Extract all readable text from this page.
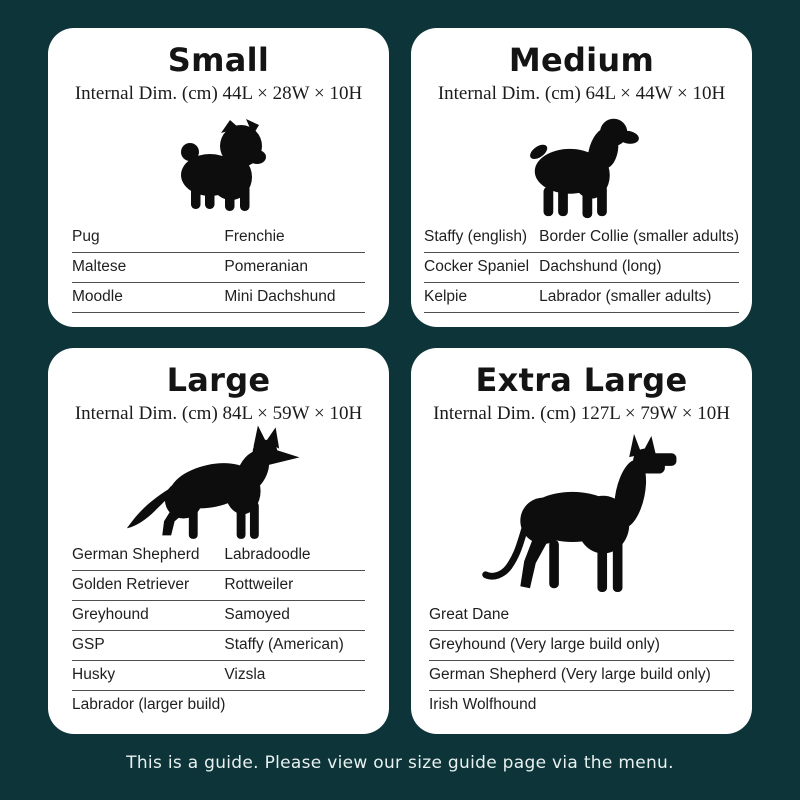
Small

Internal Dim. (cm) 44L × 28W × 10H

Pug	Frenchie
Maltese	Pomeranian
Moodle	Mini Dachshund
Medium

Internal Dim. (cm) 64L × 44W × 10H

Staffy (english)	Border Collie (smaller adults)
Cocker Spaniel	Dachshund (long)
Kelpie	Labrador (smaller adults)
Large

Internal Dim. (cm) 84L × 59W × 10H

German Shepherd	Labradoodle
Golden Retriever	Rottweiler
Greyhound	Samoyed
GSP	Staffy (American)
Husky	Vizsla
Labrador (larger build)	
Extra Large

Internal Dim. (cm) 127L × 79W × 10H

Great Dane
Greyhound (Very large build only)
German Shepherd (Very large build only)
Irish Wolfhound
This is a guide. Please view our size guide page via the menu.
